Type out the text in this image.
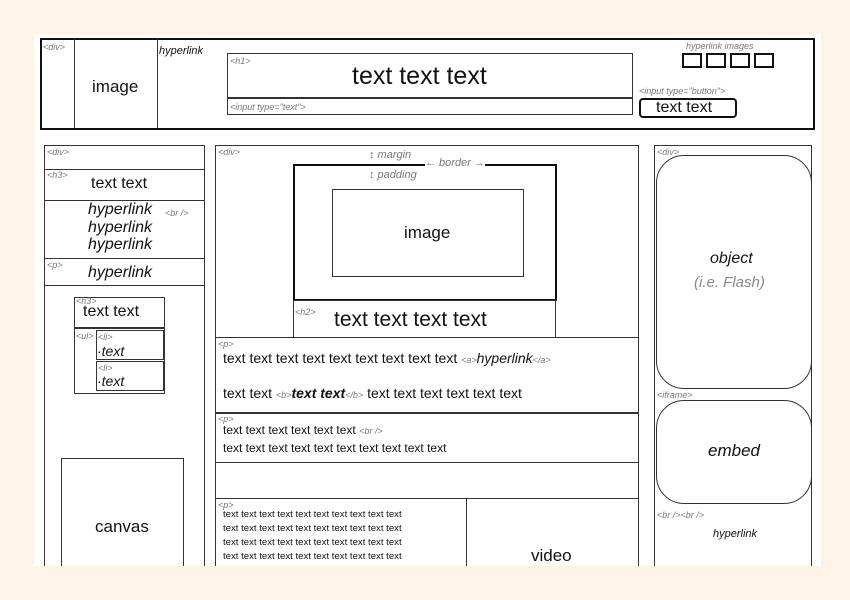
<div>
image
hyperlink
<h1>
text text text
<input type="text">
hyperlink images
<input type="button">
text text
<div>
<h3> text text
hyperlink <br />
hyperlink
hyperlink
<p> hyperlink
<h3>
text text
<ul> <li>
·text
<li>
·text
canvas
<div>	↕ margin
← border →
↕ padding
image
<h2> text text text text
<p>
text text text text text text text text text <a>hyperlink</a>
text text <b>text text</b> text text text text text text
<p>
text text text text text text <br />
text text text text text text text text text text
<p>
text text text text text text text text text text
text text text text text text text text text text
text text text text text text text text text text
text text text text text text text text text text	video
<div>
object
(i.e. Flash)
<iframe>
embed
<br /><br />
hyperlink
